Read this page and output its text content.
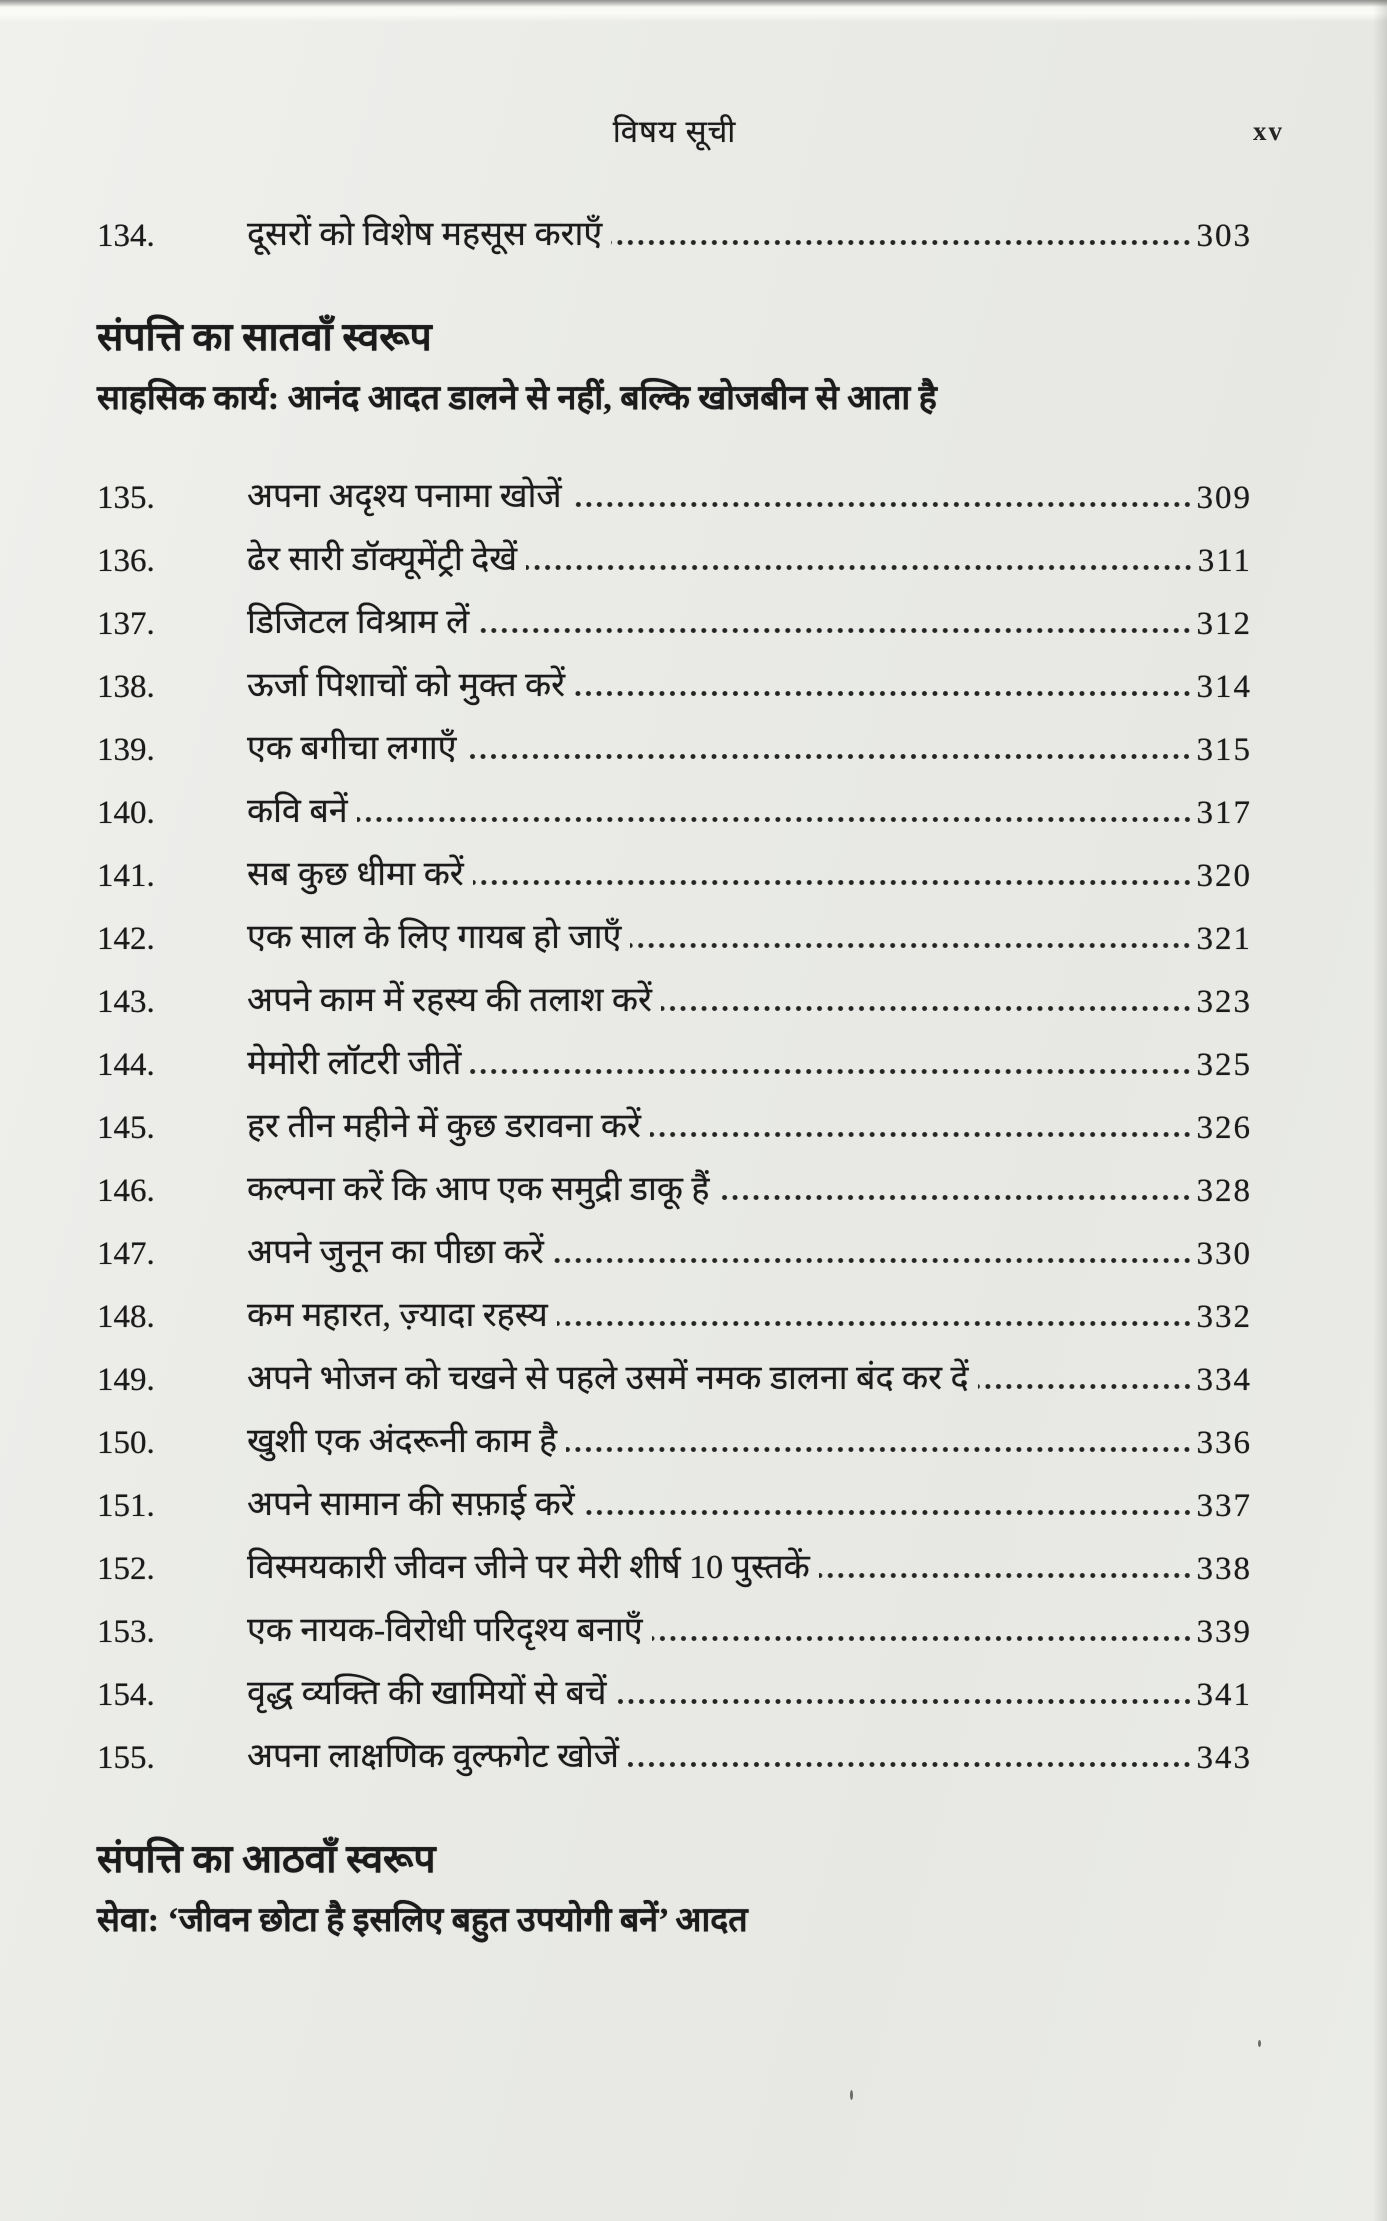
विषय सूची	xv
134.	दूसरों को विशेष महसूस कराएँ	303
संपत्ति का सातवाँ स्वरूप
साहसिक कार्य: आनंद आदत डालने से नहीं, बल्कि खोजबीन से आता है
135.	अपना अदृश्य पनामा खोजें	309
136.	ढेर सारी डॉक्यूमेंट्री देखें	311
137.	डिजिटल विश्राम लें	312
138.	ऊर्जा पिशाचों को मुक्त करें	314
139.	एक बगीचा लगाएँ	315
140.	कवि बनें	317
141.	सब कुछ धीमा करें	320
142.	एक साल के लिए गायब हो जाएँ	321
143.	अपने काम में रहस्य की तलाश करें	323
144.	मेमोरी लॉटरी जीतें	325
145.	हर तीन महीने में कुछ डरावना करें	326
146.	कल्पना करें कि आप एक समुद्री डाकू हैं	328
147.	अपने जुनून का पीछा करें	330
148.	कम महारत, ज़्यादा रहस्य	332
149.	अपने भोजन को चखने से पहले उसमें नमक डालना बंद कर दें	334
150.	खुशी एक अंदरूनी काम है	336
151.	अपने सामान की सफ़ाई करें	337
152.	विस्मयकारी जीवन जीने पर मेरी शीर्ष 10 पुस्तकें	338
153.	एक नायक-विरोधी परिदृश्य बनाएँ	339
154.	वृद्ध व्यक्ति की खामियों से बचें	341
155.	अपना लाक्षणिक वुल्फगेट खोजें	343
संपत्ति का आठवाँ स्वरूप
सेवा: ‘जीवन छोटा है इसलिए बहुत उपयोगी बनें’ आदत
